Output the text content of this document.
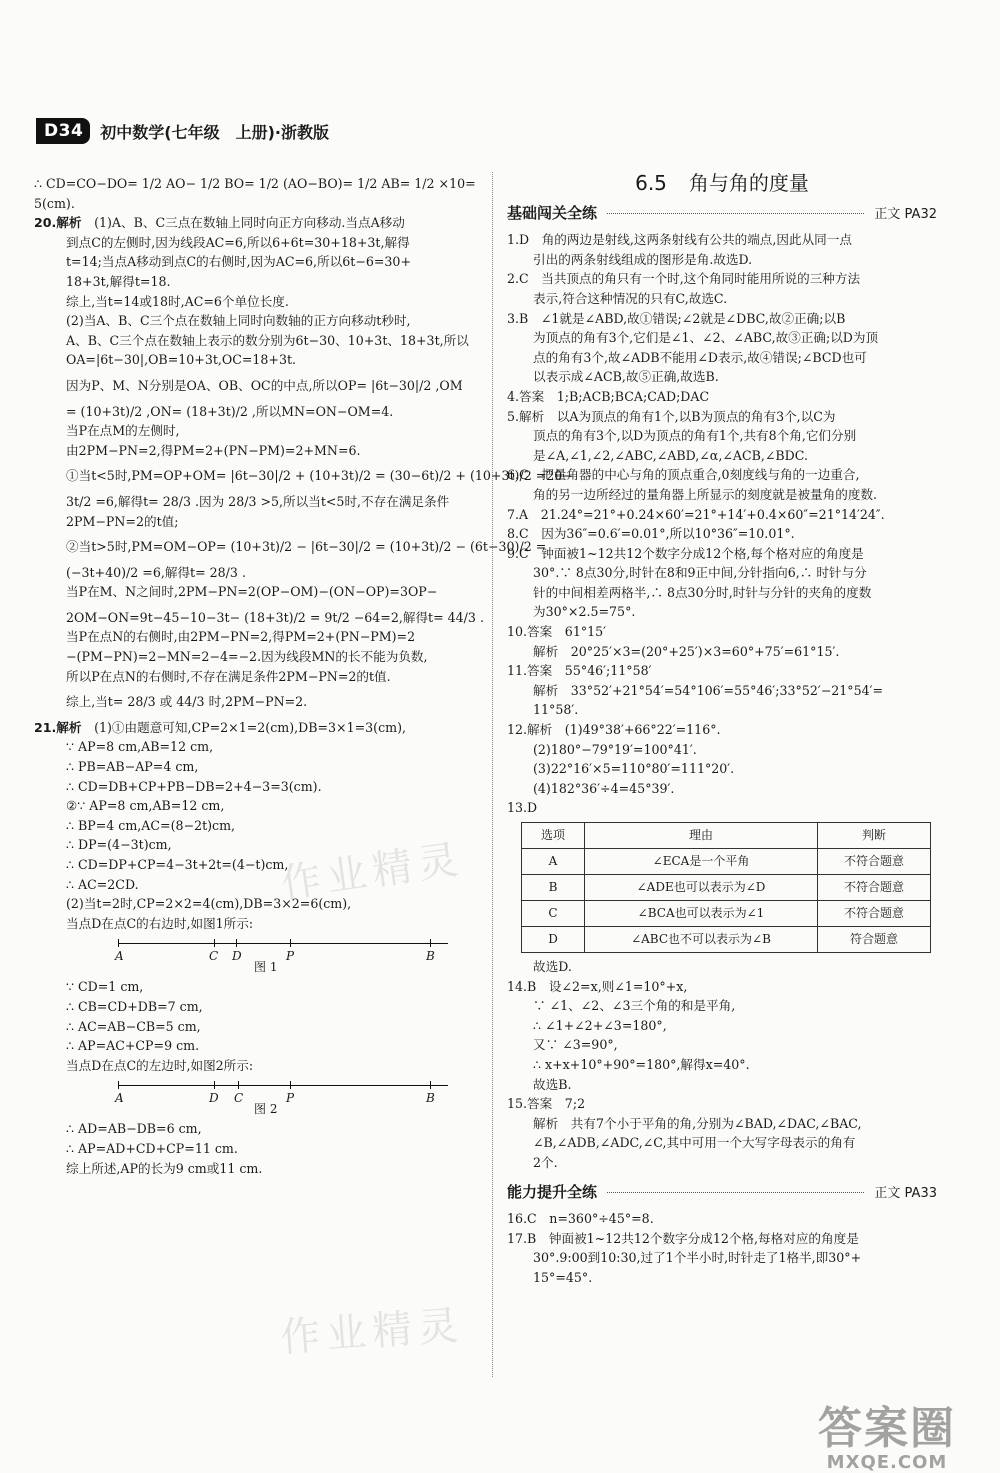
D34	初中数学(七年级　上册)·浙教版

∴ CD=CO−DO= 1/2 AO− 1/2 BO= 1/2 (AO−BO)= 1/2 AB= 1/2 ×10=

5(cm).

20.解析　 (1)A、B、C三点在数轴上同时向正方向移动.当点A移动

到点C的左侧时,因为线段AC=6,所以6+6t=30+18+3t,解得

t=14;当点A移动到点C的右侧时,因为AC=6,所以6t−6=30+

18+3t,解得t=18.

综上,当t=14或18时,AC=6个单位长度.

(2)当A、B、C三个点在数轴上同时向数轴的正方向移动t秒时,

A、B、C三个点在数轴上表示的数分别为6t−30、10+3t、18+3t,所以

OA=|6t−30|,OB=10+3t,OC=18+3t.

因为P、M、N分别是OA、OB、OC的中点,所以OP= |6t−30|/2 ,OM

= (10+3t)/2 ,ON= (18+3t)/2 ,所以MN=ON−OM=4.

当P在点M的左侧时,

由2PM−PN=2,得PM=2+(PN−PM)=2+MN=6.

①当t<5时,PM=OP+OM= |6t−30|/2 + (10+3t)/2 = (30−6t)/2 + (10+3t)/2 =20−

3t/2 =6,解得t= 28/3 .因为 28/3 >5,所以当t<5时,不存在满足条件

2PM−PN=2的t值;

②当t>5时,PM=OM−OP= (10+3t)/2 − |6t−30|/2 = (10+3t)/2 − (6t−30)/2 =

(−3t+40)/2 =6,解得t= 28/3 .

当P在M、N之间时,2PM−PN=2(OP−OM)−(ON−OP)=3OP−

2OM−ON=9t−45−10−3t− (18+3t)/2 = 9t/2 −64=2,解得t= 44/3 .

当P在点N的右侧时,由2PM−PN=2,得PM=2+(PN−PM)=2

−(PM−PN)=2−MN=2−4=−2.因为线段MN的长不能为负数,

所以P在点N的右侧时,不存在满足条件2PM−PN=2的t值.

综上,当t= 28/3 或 44/3 时,2PM−PN=2.

21.解析　 (1)①由题意可知,CP=2×1=2(cm),DB=3×1=3(cm),

∵ AP=8 cm,AB=12 cm,

∴ PB=AB−AP=4 cm,

∴ CD=DB+CP+PB−DB=2+4−3=3(cm).

②∵ AP=8 cm,AB=12 cm,

∴ BP=4 cm,AC=(8−2t)cm,

∴ DP=(4−3t)cm,

∴ CD=DP+CP=4−3t+2t=(4−t)cm,

∴ AC=2CD.

(2)当t=2时,CP=2×2=4(cm),DB=3×2=6(cm),

当点D在点C的右边时,如图1所示:

A	C D	P	B
图 1

∵ CD=1 cm,

∴ CB=CD+DB=7 cm,

∴ AC=AB−CB=5 cm,

∴ AP=AC+CP=9 cm.

当点D在点C的左边时,如图2所示:

A	D C	P	B
图 2

∴ AD=AB−DB=6 cm,

∴ AP=AD+CD+CP=11 cm.

综上所述,AP的长为9 cm或11 cm.

6.5 角与角的度量
基础闯关全练	正文 PA32

1.D　角的两边是射线,这两条射线有公共的端点,因此从同一点

引出的两条射线组成的图形是角.故选D.

2.C　当共顶点的角只有一个时,这个角同时能用所说的三种方法

表示,符合这种情况的只有C,故选C.

3.B　∠1就是∠ABD,故①错误;∠2就是∠DBC,故②正确;以B

为顶点的角有3个,它们是∠1、∠2、∠ABC,故③正确;以D为顶

点的角有3个,故∠ADB不能用∠D表示,故④错误;∠BCD也可

以表示成∠ACB,故⑤正确,故选B.

4.答案　1;B;ACB;BCA;CAD;DAC

5.解析　以A为顶点的角有1个,以B为顶点的角有3个,以C为

顶点的角有3个,以D为顶点的角有1个,共有8个角,它们分别

是∠A,∠1,∠2,∠ABC,∠ABD,∠α,∠ACB,∠BDC.

6.C　把量角器的中心与角的顶点重合,0刻度线与角的一边重合,

角的另一边所经过的量角器上所显示的刻度就是被量角的度数.

7.A　21.24°=21°+0.24×60′=21°+14′+0.4×60″=21°14′24″.

8.C　因为36″=0.6′=0.01°,所以10°36″=10.01°.

9.C　钟面被1~12共12个数字分成12个格,每个格对应的角度是

30°.∵ 8点30分,时针在8和9正中间,分针指向6,∴ 时针与分

针的中间相差两格半,∴ 8点30分时,时针与分针的夹角的度数

为30°×2.5=75°.

10.答案　61°15′

解析　20°25′×3=(20°+25′)×3=60°+75′=61°15′.

11.答案　55°46′;11°58′

解析　33°52′+21°54′=54°106′=55°46′;33°52′−21°54′=

11°58′.

12.解析　(1)49°38′+66°22′=116°.

(2)180°−79°19′=100°41′.

(3)22°16′×5=110°80′=111°20′.

(4)182°36′÷4=45°39′.

13.D

选项	理由	判断
A	∠ECA是一个平角	不符合题意
B	∠ADE也可以表示为∠D	不符合题意
C	∠BCA也可以表示为∠1	不符合题意
D	∠ABC也不可以表示为∠B	符合题意

故选D.

14.B　设∠2=x,则∠1=10°+x,

∵ ∠1、∠2、∠3三个角的和是平角,

∴ ∠1+∠2+∠3=180°,

又∵ ∠3=90°,

∴ x+x+10°+90°=180°,解得x=40°.

故选B.

15.答案　7;2

解析　共有7个小于平角的角,分别为∠BAD,∠DAC,∠BAC,

∠B,∠ADB,∠ADC,∠C,其中可用一个大写字母表示的角有

2个.

能力提升全练	正文 PA33

16.C　n=360°÷45°=8.

17.B　钟面被1~12共12个数字分成12个格,每格对应的角度是

30°.9:00到10:30,过了1个半小时,时针走了1格半,即30°+

15°=45°.

作业精灵
作业精灵
答案圈
MXQE.COM
